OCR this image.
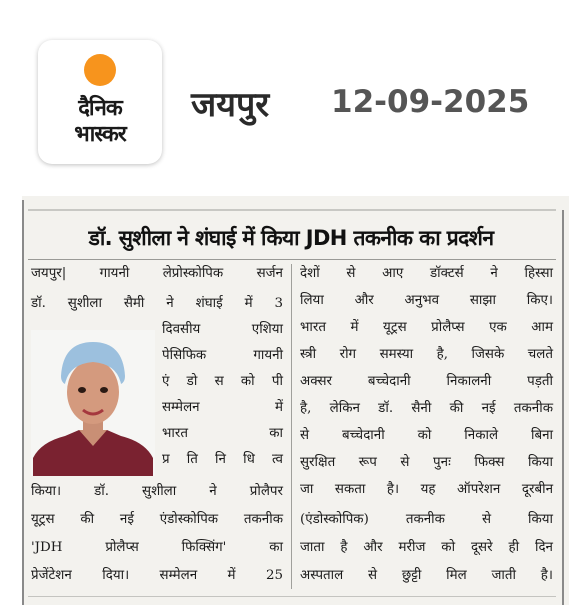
दैनिक
भास्कर
जयपुर 12-09-2025
डॉ. सुशीला ने शंघाई में किया JDH तकनीक का प्रदर्शन
जयपुर| गायनी लेप्रोस्कोपिक सर्जन
डॉ. सुशीला सैमी ने शंघाई में 3
दिवसीय एशिया
पेसिफिक गायनी
एं डो स को पी
सम्मेलन में
भारत का
प्र ति नि धि त्व
किया। डॉ. सुशीला ने प्रोलैपर
यूट्रस की नई एंडोस्कोपिक तकनीक
'JDH प्रोलैप्स फिक्सिंग' का
प्रेजेंटेशन दिया। सम्मेलन में 25
देशों से आए डॉक्टर्स ने हिस्सा
लिया और अनुभव साझा किए।
भारत में यूट्रस प्रोलैप्स एक आम
स्त्री रोग समस्या है, जिसके चलते
अक्सर बच्चेदानी निकालनी पड़ती
है, लेकिन डॉ. सैनी की नई तकनीक
से बच्चेदानी को निकाले बिना
सुरक्षित रूप से पुनः फिक्स किया
जा सकता है। यह ऑपरेशन दूरबीन
(एंडोस्कोपिक) तकनीक से किया
जाता है और मरीज को दूसरे ही दिन
अस्पताल से छुट्टी मिल जाती है।
